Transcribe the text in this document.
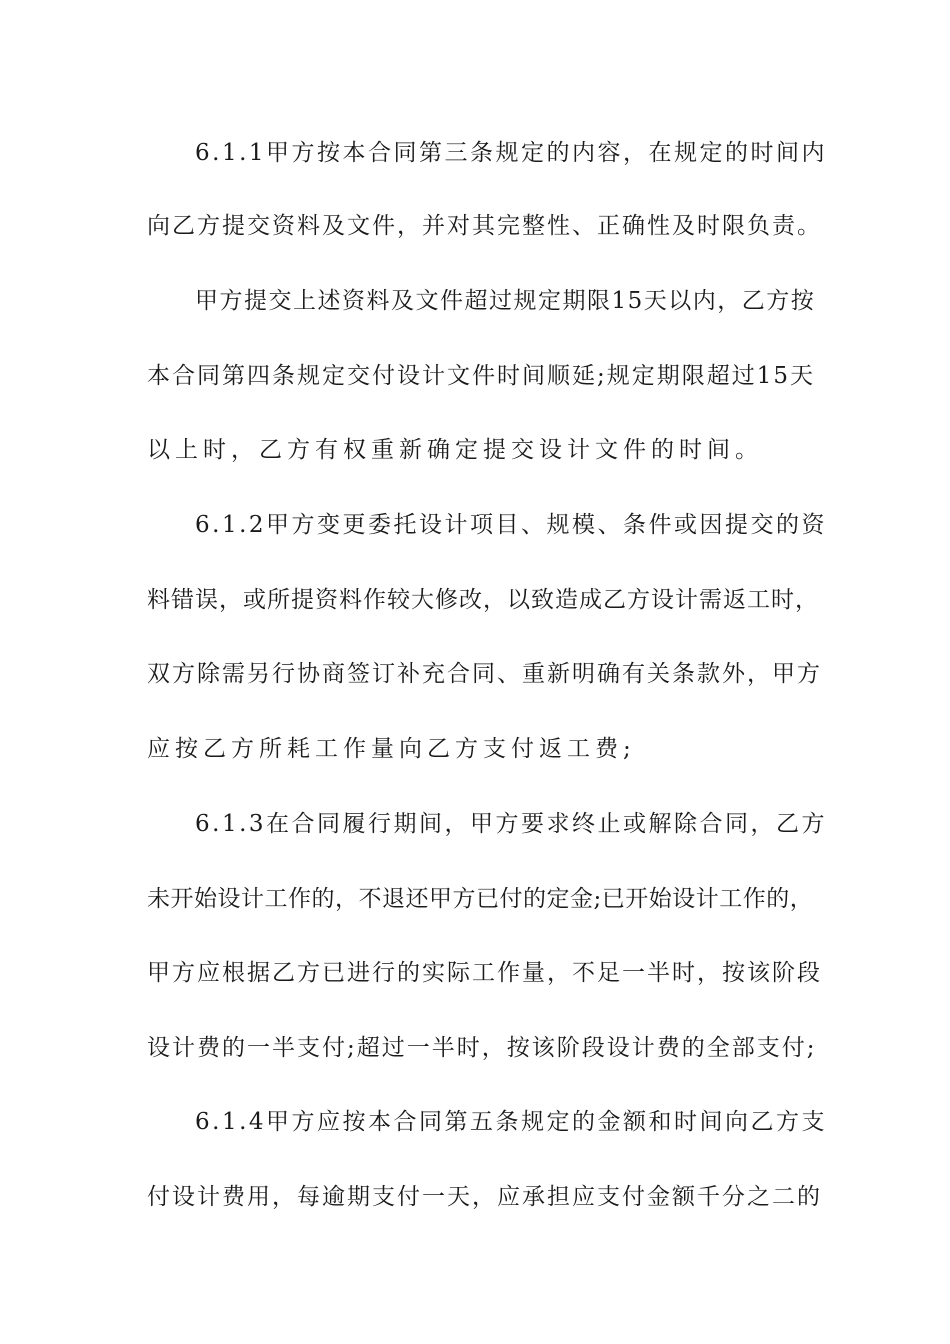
6.1.1甲方按本合同第三条规定的内容，在规定的时间内
向乙方提交资料及文件，并对其完整性、正确性及时限负责。
甲方提交上述资料及文件超过规定期限15天以内，乙方按
本合同第四条规定交付设计文件时间顺延;规定期限超过15天
以上时，乙方有权重新确定提交设计文件的时间。
6.1.2甲方变更委托设计项目、规模、条件或因提交的资
料错误，或所提资料作较大修改，以致造成乙方设计需返工时，
双方除需另行协商签订补充合同、重新明确有关条款外，甲方
应按乙方所耗工作量向乙方支付返工费;
6.1.3在合同履行期间，甲方要求终止或解除合同，乙方
未开始设计工作的，不退还甲方已付的定金;已开始设计工作的，
甲方应根据乙方已进行的实际工作量，不足一半时，按该阶段
设计费的一半支付;超过一半时，按该阶段设计费的全部支付;
6.1.4甲方应按本合同第五条规定的金额和时间向乙方支
付设计费用，每逾期支付一天，应承担应支付金额千分之二的
